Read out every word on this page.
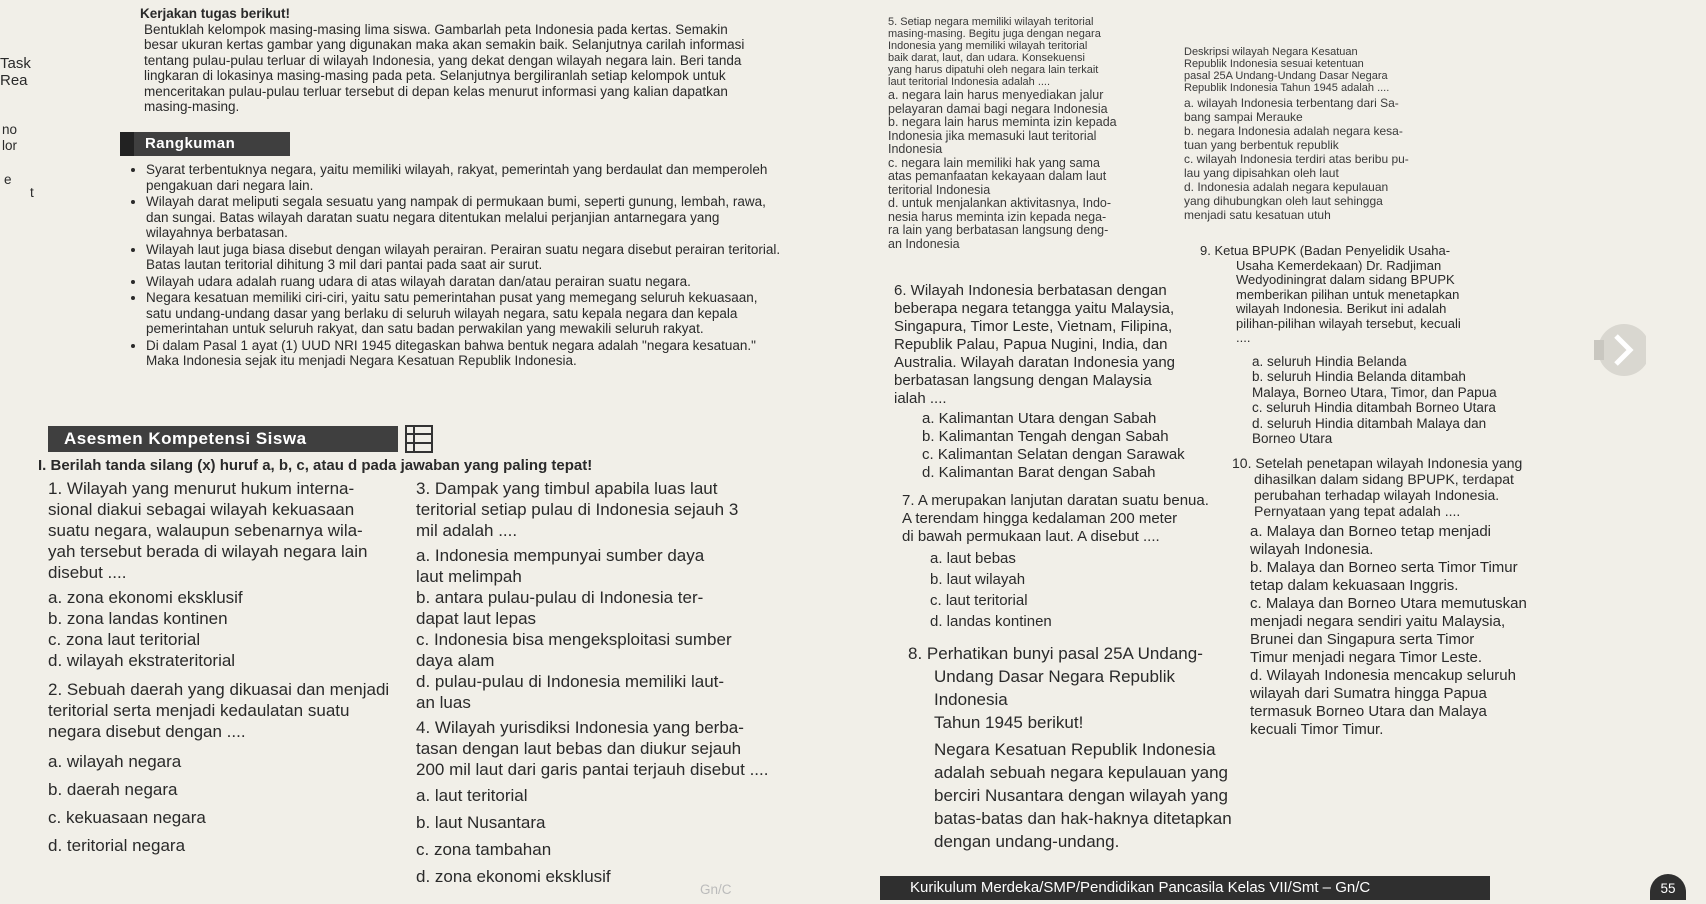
Task
Rea
no
lor
e
t
Kerjakan tugas berikut!
Bentuklah kelompok masing-masing lima siswa. Gambarlah peta Indonesia pada kertas. Semakin
besar ukuran kertas gambar yang digunakan maka akan semakin baik. Selanjutnya carilah informasi
tentang pulau-pulau terluar di wilayah Indonesia, yang dekat dengan wilayah negara lain. Beri tanda
lingkaran di lokasinya masing-masing pada peta. Selanjutnya bergiliranlah setiap kelompok untuk
menceritakan pulau-pulau terluar tersebut di depan kelas menurut informasi yang kalian dapatkan
masing-masing.
Rangkuman
• Syarat terbentuknya negara, yaitu memiliki wilayah, rakyat, pemerintah yang berdaulat dan memperoleh pengakuan dari negara lain.
• Wilayah darat meliputi segala sesuatu yang nampak di permukaan bumi, seperti gunung, lembah, rawa, dan sungai. Batas wilayah daratan suatu negara ditentukan melalui perjanjian antarnegara yang wilayahnya berbatasan.
• Wilayah laut juga biasa disebut dengan wilayah perairan. Perairan suatu negara disebut perairan teritorial. Batas lautan teritorial dihitung 3 mil dari pantai pada saat air surut.
• Wilayah udara adalah ruang udara di atas wilayah daratan dan/atau perairan suatu negara.
• Negara kesatuan memiliki ciri-ciri, yaitu satu pemerintahan pusat yang memegang seluruh kekuasaan, satu undang-undang dasar yang berlaku di seluruh wilayah negara, satu kepala negara dan kepala pemerintahan untuk seluruh rakyat, dan satu badan perwakilan yang mewakili seluruh rakyat.
• Di dalam Pasal 1 ayat (1) UUD NRI 1945 ditegaskan bahwa bentuk negara adalah "negara kesatuan." Maka Indonesia sejak itu menjadi Negara Kesatuan Republik Indonesia.
Asesmen Kompetensi Siswa
I. Berilah tanda silang (x) huruf a, b, c, atau d pada jawaban yang paling tepat!
1. Wilayah yang menurut hukum interna-
sional diakui sebagai wilayah kekuasaan
suatu negara, walaupun sebenarnya wila-
yah tersebut berada di wilayah negara lain
disebut ....
a. zona ekonomi eksklusif
b. zona landas kontinen
c. zona laut teritorial
d. wilayah ekstrateritorial
2. Sebuah daerah yang dikuasai dan menjadi
teritorial serta menjadi kedaulatan suatu
negara disebut dengan ....
a. wilayah negara
b. daerah negara
c. kekuasaan negara
d. teritorial negara
3. Dampak yang timbul apabila luas laut
teritorial setiap pulau di Indonesia sejauh 3
mil adalah ....
a. Indonesia mempunyai sumber daya
laut melimpah
b. antara pulau-pulau di Indonesia ter-
dapat laut lepas
c. Indonesia bisa mengeksploitasi sumber
daya alam
d. pulau-pulau di Indonesia memiliki laut-
an luas
4. Wilayah yurisdiksi Indonesia yang berba-
tasan dengan laut bebas dan diukur sejauh
200 mil laut dari garis pantai terjauh disebut ....
a. laut teritorial
b. laut Nusantara
c. zona tambahan
d. zona ekonomi eksklusif
5. Setiap negara memiliki wilayah teritorial
masing-masing. Begitu juga dengan negara
Indonesia yang memiliki wilayah teritorial
baik darat, laut, dan udara. Konsekuensi
yang harus dipatuhi oleh negara lain terkait
laut teritorial Indonesia adalah ....
a. negara lain harus menyediakan jalur
pelayaran damai bagi negara Indonesia
b. negara lain harus meminta izin kepada
Indonesia jika memasuki laut teritorial
Indonesia
c. negara lain memiliki hak yang sama
atas pemanfaatan kekayaan dalam laut
teritorial Indonesia
d. untuk menjalankan aktivitasnya, Indo-
nesia harus meminta izin kepada nega-
ra lain yang berbatasan langsung deng-
an Indonesia
6. Wilayah Indonesia berbatasan dengan
beberapa negara tetangga yaitu Malaysia,
Singapura, Timor Leste, Vietnam, Filipina,
Republik Palau, Papua Nugini, India, dan
Australia. Wilayah daratan Indonesia yang
berbatasan langsung dengan Malaysia
ialah ....
a. Kalimantan Utara dengan Sabah
b. Kalimantan Tengah dengan Sabah
c. Kalimantan Selatan dengan Sarawak
d. Kalimantan Barat dengan Sabah
7. A merupakan lanjutan daratan suatu benua.
A terendam hingga kedalaman 200 meter
di bawah permukaan laut. A disebut ....
a. laut bebas
b. laut wilayah
c. laut teritorial
d. landas kontinen
8. Perhatikan bunyi pasal 25A Undang-
Undang Dasar Negara Republik Indonesia
Tahun 1945 berikut!
Negara Kesatuan Republik Indonesia
adalah sebuah negara kepulauan yang
berciri Nusantara dengan wilayah yang
batas-batas dan hak-haknya ditetapkan
dengan undang-undang.
Deskripsi wilayah Negara Kesatuan
Republik Indonesia sesuai ketentuan
pasal 25A Undang-Undang Dasar Negara
Republik Indonesia Tahun 1945 adalah ....
a. wilayah Indonesia terbentang dari Sa-
bang sampai Merauke
b. negara Indonesia adalah negara kesa-
tuan yang berbentuk republik
c. wilayah Indonesia terdiri atas beribu pu-
lau yang dipisahkan oleh laut
d. Indonesia adalah negara kepulauan
yang dihubungkan oleh laut sehingga
menjadi satu kesatuan utuh
9. Ketua BPUPK (Badan Penyelidik Usaha-
Usaha Kemerdekaan) Dr. Radjiman
Wedyodiningrat dalam sidang BPUPK
memberikan pilihan untuk menetapkan
wilayah Indonesia. Berikut ini adalah
pilihan-pilihan wilayah tersebut, kecuali
....
a. seluruh Hindia Belanda
b. seluruh Hindia Belanda ditambah
Malaya, Borneo Utara, Timor, dan Papua
c. seluruh Hindia ditambah Borneo Utara
d. seluruh Hindia ditambah Malaya dan
Borneo Utara
10. Setelah penetapan wilayah Indonesia yang
dihasilkan dalam sidang BPUPK, terdapat
perubahan terhadap wilayah Indonesia.
Pernyataan yang tepat adalah ....
a. Malaya dan Borneo tetap menjadi
wilayah Indonesia.
b. Malaya dan Borneo serta Timor Timur
tetap dalam kekuasaan Inggris.
c. Malaya dan Borneo Utara memutuskan
menjadi negara sendiri yaitu Malaysia,
Brunei dan Singapura serta Timor
Timur menjadi negara Timor Leste.
d. Wilayah Indonesia mencakup seluruh
wilayah dari Sumatra hingga Papua
termasuk Borneo Utara dan Malaya
kecuali Timor Timur.
Kurikulum Merdeka/SMP/Pendidikan Pancasila Kelas VII/Smt – Gn/C
Gn/C	55
